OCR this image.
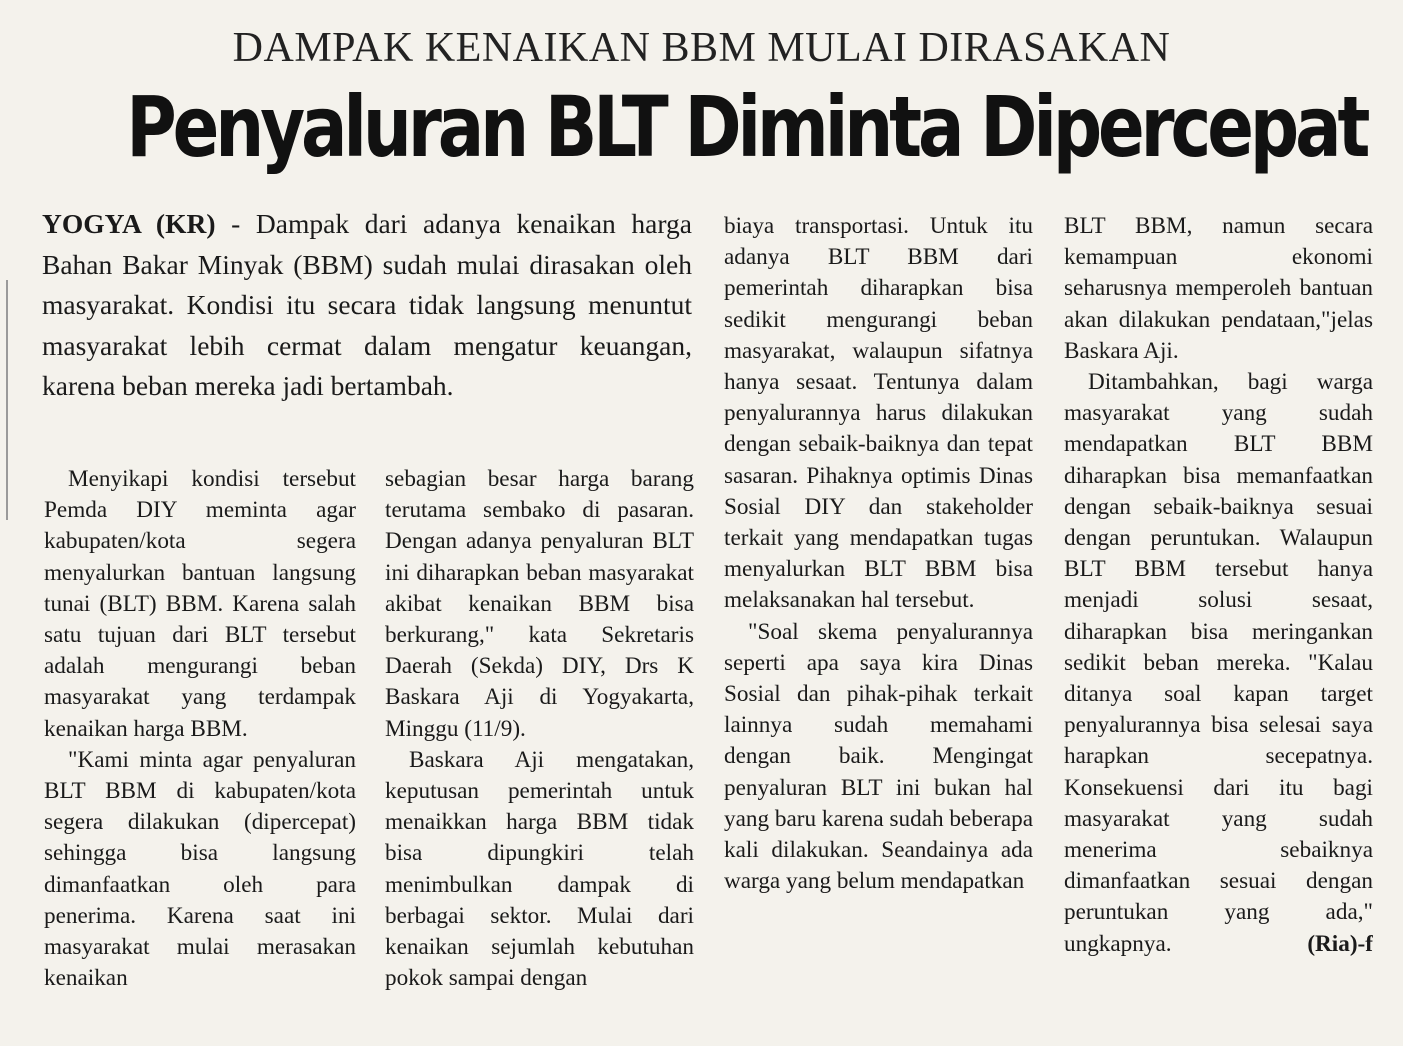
DAMPAK KENAIKAN BBM MULAI DIRASAKAN
Penyaluran BLT Diminta Dipercepat
YOGYA (KR) - Dampak dari adanya kenaikan harga Bahan Bakar Minyak (BBM) sudah mulai dirasakan oleh masyarakat. Kondisi itu secara tidak langsung menuntut masyarakat lebih cermat dalam mengatur keuangan, karena beban mereka jadi bertambah.

Menyikapi kondisi tersebut Pemda DIY meminta agar kabupaten/kota segera menyalurkan bantuan langsung tunai (BLT) BBM. Karena salah satu tujuan dari BLT tersebut adalah mengurangi beban masyarakat yang terdampak kenaikan harga BBM.

"Kami minta agar penyaluran BLT BBM di kabupaten/kota segera dilakukan (dipercepat) sehingga bisa langsung dimanfaatkan oleh para penerima. Karena saat ini masyarakat mulai merasakan kenaikan

sebagian besar harga barang terutama sembako di pasaran. Dengan adanya penyaluran BLT ini diharapkan beban masyarakat akibat kenaikan BBM bisa berkurang," kata Sekretaris Daerah (Sekda) DIY, Drs K Baskara Aji di Yogyakarta, Minggu (11/9).

Baskara Aji mengatakan, keputusan pemerintah untuk menaikkan harga BBM tidak bisa dipungkiri telah menimbulkan dampak di berbagai sektor. Mulai dari kenaikan sejumlah kebutuhan pokok sampai dengan

biaya transportasi. Untuk itu adanya BLT BBM dari pemerintah diharapkan bisa sedikit mengurangi beban masyarakat, walaupun sifatnya hanya sesaat. Tentunya dalam penyalurannya harus dilakukan dengan sebaik-baiknya dan tepat sasaran. Pihaknya optimis Dinas Sosial DIY dan stakeholder terkait yang mendapatkan tugas menyalurkan BLT BBM bisa melaksanakan hal tersebut.

"Soal skema penyalurannya seperti apa saya kira Dinas Sosial dan pihak-pihak terkait lainnya sudah memahami dengan baik. Mengingat penyaluran BLT ini bukan hal yang baru karena sudah beberapa kali dilakukan. Seandainya ada warga yang belum mendapatkan

BLT BBM, namun secara kemampuan ekonomi seharusnya memperoleh bantuan akan dilakukan pendataan,"jelas Baskara Aji.

Ditambahkan, bagi warga masyarakat yang sudah mendapatkan BLT BBM diharapkan bisa memanfaatkan dengan sebaik-baiknya sesuai dengan peruntukan. Walaupun BLT BBM tersebut hanya menjadi solusi sesaat, diharapkan bisa meringankan sedikit beban mereka. "Kalau ditanya soal kapan target penyalurannya bisa selesai saya harapkan secepatnya. Konsekuensi dari itu bagi masyarakat yang sudah menerima sebaiknya dimanfaatkan sesuai dengan peruntukan yang ada," ungkapnya.	(Ria)-f
